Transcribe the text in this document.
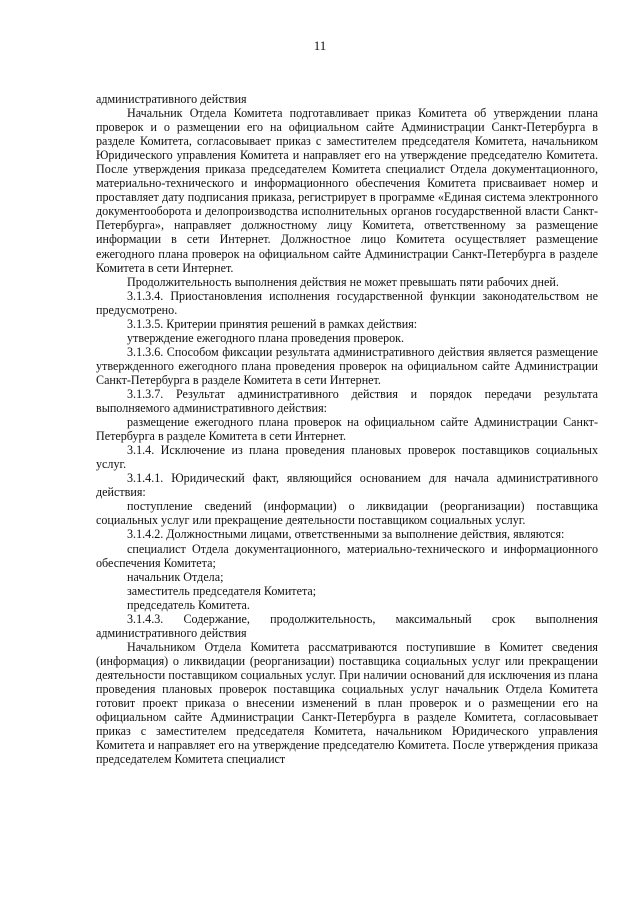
11

административного действия

Начальник Отдела Комитета подготавливает приказ Комитета об утверждении плана проверок и о размещении его на официальном сайте Администрации Санкт-Петербурга в разделе Комитета, согласовывает приказ с заместителем председателя Комитета, начальником Юридического управления Комитета и направляет его на утверждение председателю Комитета. После утверждения приказа председателем Комитета специалист Отдела документационного, материально-технического и информационного обеспечения Комитета присваивает номер и проставляет дату подписания приказа, регистрирует в программе «Единая система электронного документооборота и делопроизводства исполнительных органов государственной власти Санкт-Петербурга», направляет должностному лицу Комитета, ответственному за размещение информации в сети Интернет. Должностное лицо Комитета осуществляет размещение ежегодного плана проверок на официальном сайте Администрации Санкт-Петербурга в разделе Комитета в сети Интернет.

Продолжительность выполнения действия не может превышать пяти рабочих дней.

3.1.3.4. Приостановления исполнения государственной функции законодательством не предусмотрено.

3.1.3.5. Критерии принятия решений в рамках действия:

утверждение ежегодного плана проведения проверок.

3.1.3.6. Способом фиксации результата административного действия является размещение утвержденного ежегодного плана проведения проверок на официальном сайте Администрации Санкт-Петербурга в разделе Комитета в сети Интернет.

3.1.3.7. Результат административного действия и порядок передачи результата выполняемого административного действия:

размещение ежегодного плана проверок на официальном сайте Администрации Санкт-Петербурга в разделе Комитета в сети Интернет.

3.1.4. Исключение из плана проведения плановых проверок поставщиков социальных услуг.

3.1.4.1. Юридический факт, являющийся основанием для начала административного действия:

поступление сведений (информации) о ликвидации (реорганизации) поставщика социальных услуг или прекращение деятельности поставщиком социальных услуг.

3.1.4.2. Должностными лицами, ответственными за выполнение действия, являются:

специалист Отдела документационного, материально-технического и информационного обеспечения Комитета;

начальник Отдела;

заместитель председателя Комитета;

председатель Комитета.

3.1.4.3. Содержание, продолжительность, максимальный срок выполнения административного действия

Начальником Отдела Комитета рассматриваются поступившие в Комитет сведения (информация) о ликвидации (реорганизации) поставщика социальных услуг или прекращении деятельности поставщиком социальных услуг. При наличии оснований для исключения из плана проведения плановых проверок поставщика социальных услуг начальник Отдела Комитета готовит проект приказа о внесении изменений в план проверок и о размещении его на официальном сайте Администрации Санкт-Петербурга в разделе Комитета, согласовывает приказ с заместителем председателя Комитета, начальником Юридического управления Комитета и направляет его на утверждение председателю Комитета. После утверждения приказа председателем Комитета специалист
